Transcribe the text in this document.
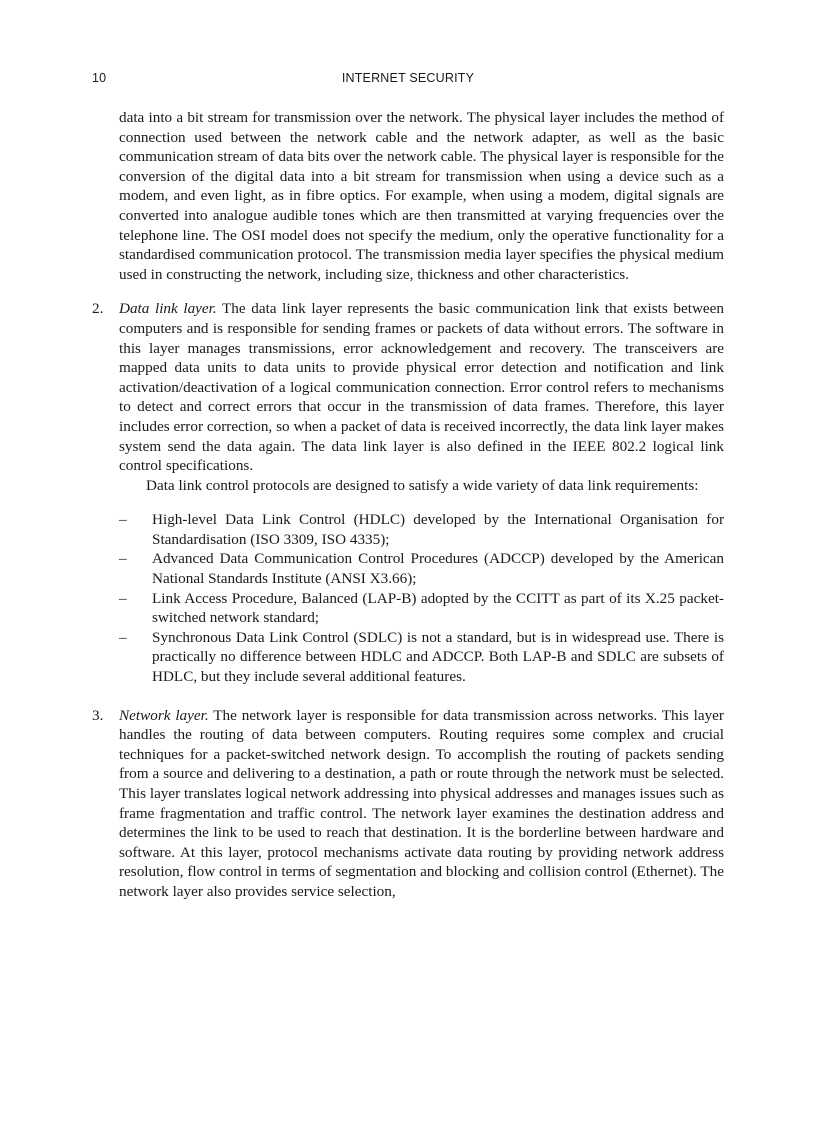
10	INTERNET SECURITY

data into a bit stream for transmission over the network. The physical layer includes the method of connection used between the network cable and the network adapter, as well as the basic communication stream of data bits over the network cable. The physical layer is responsible for the conversion of the digital data into a bit stream for transmission when using a device such as a modem, and even light, as in fibre optics. For example, when using a modem, digital signals are converted into analogue audible tones which are then transmitted at varying frequencies over the telephone line. The OSI model does not specify the medium, only the operative functionality for a standardised communication protocol. The transmission media layer specifies the physical medium used in constructing the network, including size, thickness and other characteristics.

2. Data link layer. The data link layer represents the basic communication link that exists between computers and is responsible for sending frames or packets of data without errors. The software in this layer manages transmissions, error acknowledgement and recovery. The transceivers are mapped data units to data units to provide physical error detection and notification and link activation/deactivation of a logical communication connection. Error control refers to mechanisms to detect and correct errors that occur in the transmission of data frames. Therefore, this layer includes error correction, so when a packet of data is received incorrectly, the data link layer makes system send the data again. The data link layer is also defined in the IEEE 802.2 logical link control specifications.

Data link control protocols are designed to satisfy a wide variety of data link requirements:

– High-level Data Link Control (HDLC) developed by the International Organisation for Standardisation (ISO 3309, ISO 4335);
– Advanced Data Communication Control Procedures (ADCCP) developed by the American National Standards Institute (ANSI X3.66);
– Link Access Procedure, Balanced (LAP-B) adopted by the CCITT as part of its X.25 packet-switched network standard;
– Synchronous Data Link Control (SDLC) is not a standard, but is in widespread use. There is practically no difference between HDLC and ADCCP. Both LAP-B and SDLC are subsets of HDLC, but they include several additional features.
3. Network layer. The network layer is responsible for data transmission across networks. This layer handles the routing of data between computers. Routing requires some complex and crucial techniques for a packet-switched network design. To accomplish the routing of packets sending from a source and delivering to a destination, a path or route through the network must be selected. This layer translates logical network addressing into physical addresses and manages issues such as frame fragmentation and traffic control. The network layer examines the destination address and determines the link to be used to reach that destination. It is the borderline between hardware and software. At this layer, protocol mechanisms activate data routing by providing network address resolution, flow control in terms of segmentation and blocking and collision control (Ethernet). The network layer also provides service selection,
